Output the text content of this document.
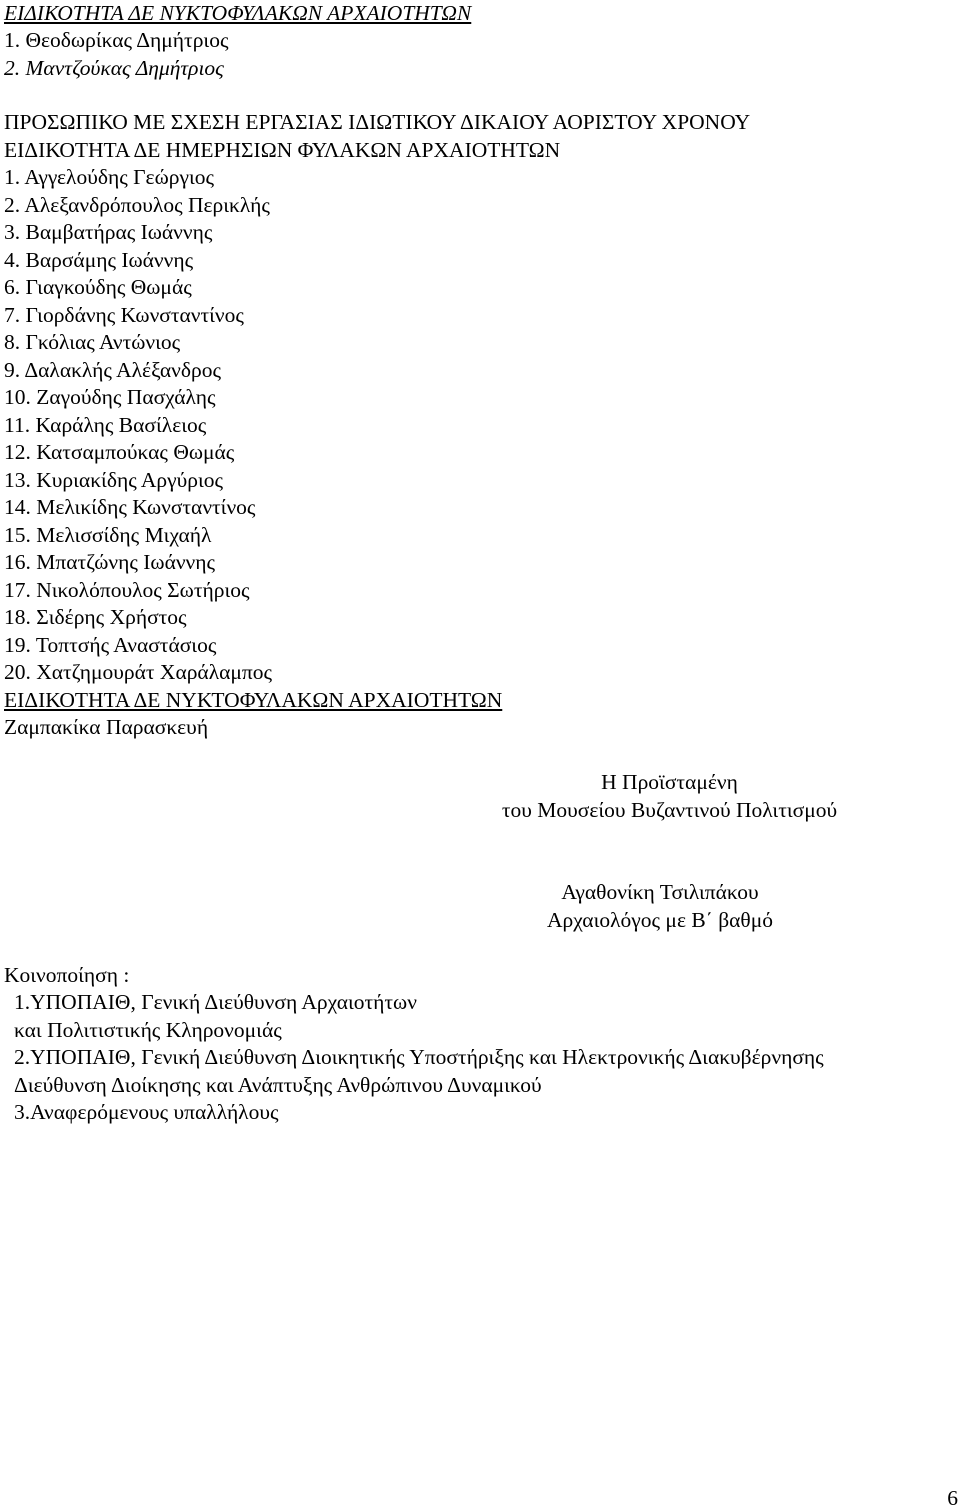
ΕΙΔΙΚΟΤΗΤΑ ΔΕ ΝΥΚΤΟΦΥΛΑΚΩΝ ΑΡΧΑΙΟΤΗΤΩΝ
1. Θεοδωρίκας Δημήτριος
2. Μαντζούκας Δημήτριος
ΠΡΟΣΩΠΙΚΟ ΜΕ ΣΧΕΣΗ ΕΡΓΑΣΙΑΣ ΙΔΙΩΤΙΚΟΥ ΔΙΚΑΙΟΥ ΑΟΡΙΣΤΟΥ ΧΡΟΝΟΥ
ΕΙΔΙΚΟΤΗΤΑ ΔΕ ΗΜΕΡΗΣΙΩΝ ΦΥΛΑΚΩΝ ΑΡΧΑΙΟΤΗΤΩΝ
1. Αγγελούδης Γεώργιος
2. Αλεξανδρόπουλος Περικλής
3. Βαμβατήρας Ιωάννης
4. Βαρσάμης Ιωάννης
6. Γιαγκούδης Θωμάς
7. Γιορδάνης Κωνσταντίνος
8. Γκόλιας Αντώνιος
9. Δαλακλής Αλέξανδρος
10. Ζαγούδης Πασχάλης
11. Καράλης Βασίλειος
12. Κατσαμπούκας Θωμάς
13. Κυριακίδης Αργύριος
14. Μελικίδης Κωνσταντίνος
15. Μελισσίδης Μιχαήλ
16. Μπατζώνης Ιωάννης
17. Νικολόπουλος Σωτήριος
18. Σιδέρης Χρήστος
19. Τοπτσής Αναστάσιος
20. Χατζημουράτ Χαράλαμπος
ΕΙΔΙΚΟΤΗΤΑ ΔΕ ΝΥΚΤΟΦΥΛΑΚΩΝ ΑΡΧΑΙΟΤΗΤΩΝ
Ζαμπακίκα Παρασκευή
Η Προϊσταμένη
του Μουσείου Βυζαντινού Πολιτισμού
Αγαθονίκη Τσιλιπάκου
Αρχαιολόγος με Β΄ βαθμό
Κοινοποίηση :
1.ΥΠΟΠΑΙΘ, Γενική Διεύθυνση Αρχαιοτήτων
και Πολιτιστικής Κληρονομιάς
2.ΥΠΟΠΑΙΘ, Γενική Διεύθυνση Διοικητικής Υποστήριξης και Ηλεκτρονικής Διακυβέρνησης
Διεύθυνση Διοίκησης και Ανάπτυξης Ανθρώπινου Δυναμικού
3.Αναφερόμενους υπαλλήλους
6
